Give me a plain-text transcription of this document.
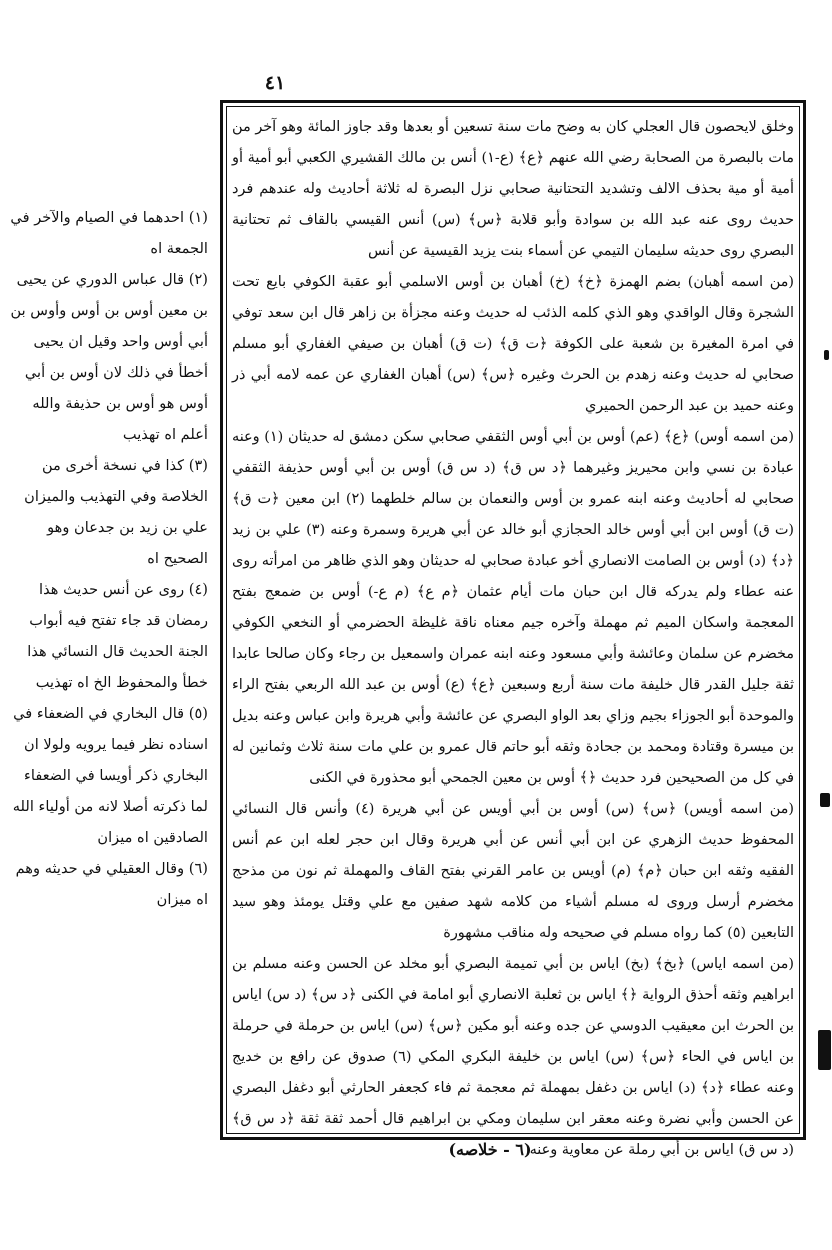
٤١

وخلق لايحصون قال العجلي كان به وضح مات سنة تسعين أو بعدها وقد جاوز المائة وهو آخر من مات بالبصرة من الصحابة رضي الله عنهم ﴿ع﴾ (ع-١) أنس بن مالك القشيري الكعبي أبو أمية أو أمية أو مية بحذف الالف وتشديد التحتانية صحابي نزل البصرة له ثلاثة أحاديث وله عندهم فرد حديث روى عنه عبد الله بن سوادة وأبو قلابة ﴿س﴾ (س) أنس القيسي بالقاف ثم تحتانية البصري روى حديثه سليمان التيمي عن أسماء بنت يزيد القيسية عن أنس

(من اسمه أهبان) بضم الهمزة ﴿خ﴾ (خ) أهبان بن أوس الاسلمي أبو عقبة الكوفي بايع تحت الشجرة وقال الواقدي وهو الذي كلمه الذئب له حديث وعنه مجزأة بن زاهر قال ابن سعد توفي في امرة المغيرة بن شعبة على الكوفة ﴿ت ق﴾ (ت ق) أهبان بن صيفي الغفاري أبو مسلم صحابي له حديث وعنه زهدم بن الحرث وغيره ﴿س﴾ (س) أهبان الغفاري عن عمه لامه أبي ذر وعنه حميد بن عبد الرحمن الحميري

(من اسمه أوس) ﴿ع﴾ (عم) أوس بن أبي أوس الثقفي صحابي سكن دمشق له حديثان (١) وعنه عبادة بن نسي وابن محيريز وغيرهما ﴿د س ق﴾ (د س ق) أوس بن أبي أوس حذيفة الثقفي صحابي له أحاديث وعنه ابنه عمرو بن أوس والنعمان بن سالم خلطهما (٢) ابن معين ﴿ت ق﴾ (ت ق) أوس ابن أبي أوس خالد الحجازي أبو خالد عن أبي هريرة وسمرة وعنه (٣) علي بن زيد ﴿د﴾ (د) أوس بن الصامت الانصاري أخو عبادة صحابي له حديثان وهو الذي ظاهر من امرأته روى عنه عطاء ولم يدركه قال ابن حبان مات أيام عثمان ﴿م ع﴾ (م ع-) أوس بن ضمعج بفتح المعجمة واسكان الميم ثم مهملة وآخره جيم معناه ناقة غليظة الحضرمي أو النخعي الكوفي مخضرم عن سلمان وعائشة وأبي مسعود وعنه ابنه عمران واسمعيل بن رجاء وكان صالحا عابدا ثقة جليل القدر قال خليفة مات سنة أربع وسبعين ﴿ع﴾ (ع) أوس بن عبد الله الربعي بفتح الراء والموحدة أبو الجوزاء بجيم وزاي بعد الواو البصري عن عائشة وأبي هريرة وابن عباس وعنه بديل بن ميسرة وقتادة ومحمد بن جحادة وثقه أبو حاتم قال عمرو بن علي مات سنة ثلاث وثمانين له في كل من الصحيحين فرد حديث ﴿﴾ أوس بن معين الجمحي أبو محذورة في الكنى

(من اسمه أويس) ﴿س﴾ (س) أوس بن أبي أويس عن أبي هريرة (٤) وأنس قال النسائي المحفوظ حديث الزهري عن ابن أبي أنس عن أبي هريرة وقال ابن حجر لعله ابن عم أنس الفقيه وثقه ابن حبان ﴿م﴾ (م) أويس بن عامر القرني بفتح القاف والمهملة ثم نون من مذحج مخضرم أرسل وروى له مسلم أشياء من كلامه شهد صفين مع علي وقتل يومئذ وهو سيد التابعين (٥) كما رواه مسلم في صحيحه وله مناقب مشهورة

(من اسمه اياس) ﴿بخ﴾ (بخ) اياس بن أبي تميمة البصري أبو مخلد عن الحسن وعنه مسلم بن ابراهيم وثقه أحذق الرواية ﴿﴾ اياس بن ثعلبة الانصاري أبو امامة في الكنى ﴿د س﴾ (د س) اياس بن الحرث ابن معيقيب الدوسي عن جده وعنه أبو مكين ﴿س﴾ (س) اياس بن حرملة في حرملة بن اياس في الحاء ﴿س﴾ (س) اياس بن خليفة البكري المكي (٦) صدوق عن رافع بن خديج وعنه عطاء ﴿د﴾ (د) اياس بن دغفل بمهملة ثم معجمة ثم فاء كجعفر الحارثي أبو دغفل البصري عن الحسن وأبي نضرة وعنه معقر ابن سليمان ومكي بن ابراهيم قال أحمد ثقة ثقة ﴿د س ق﴾ (د س ق) اياس بن أبي رملة عن معاوية وعنه

(١) احدهما في الصيام والآخر في الجمعة اه

(٢) قال عباس الدوري عن يحيى بن معين أوس بن أوس وأوس بن أبي أوس واحد وقيل ان يحيى أخطأ في ذلك لان أوس بن أبي أوس هو أوس بن حذيفة والله أعلم اه تهذيب

(٣) كذا في نسخة أخرى من الخلاصة وفي التهذيب والميزان علي بن زيد بن جدعان وهو الصحيح اه

(٤) روى عن أنس حديث هذا رمضان قد جاء تفتح فيه أبواب الجنة الحديث قال النسائي هذا خطأ والمحفوظ الخ اه تهذيب

(٥) قال البخاري في الضعفاء في اسناده نظر فيما يرويه ولولا ان البخاري ذكر أويسا في الضعفاء لما ذكرته أصلا لانه من أولياء الله الصادقين اه ميزان

(٦) وقال العقيلي في حديثه وهم اه ميزان

(٦ - خلاصه)
